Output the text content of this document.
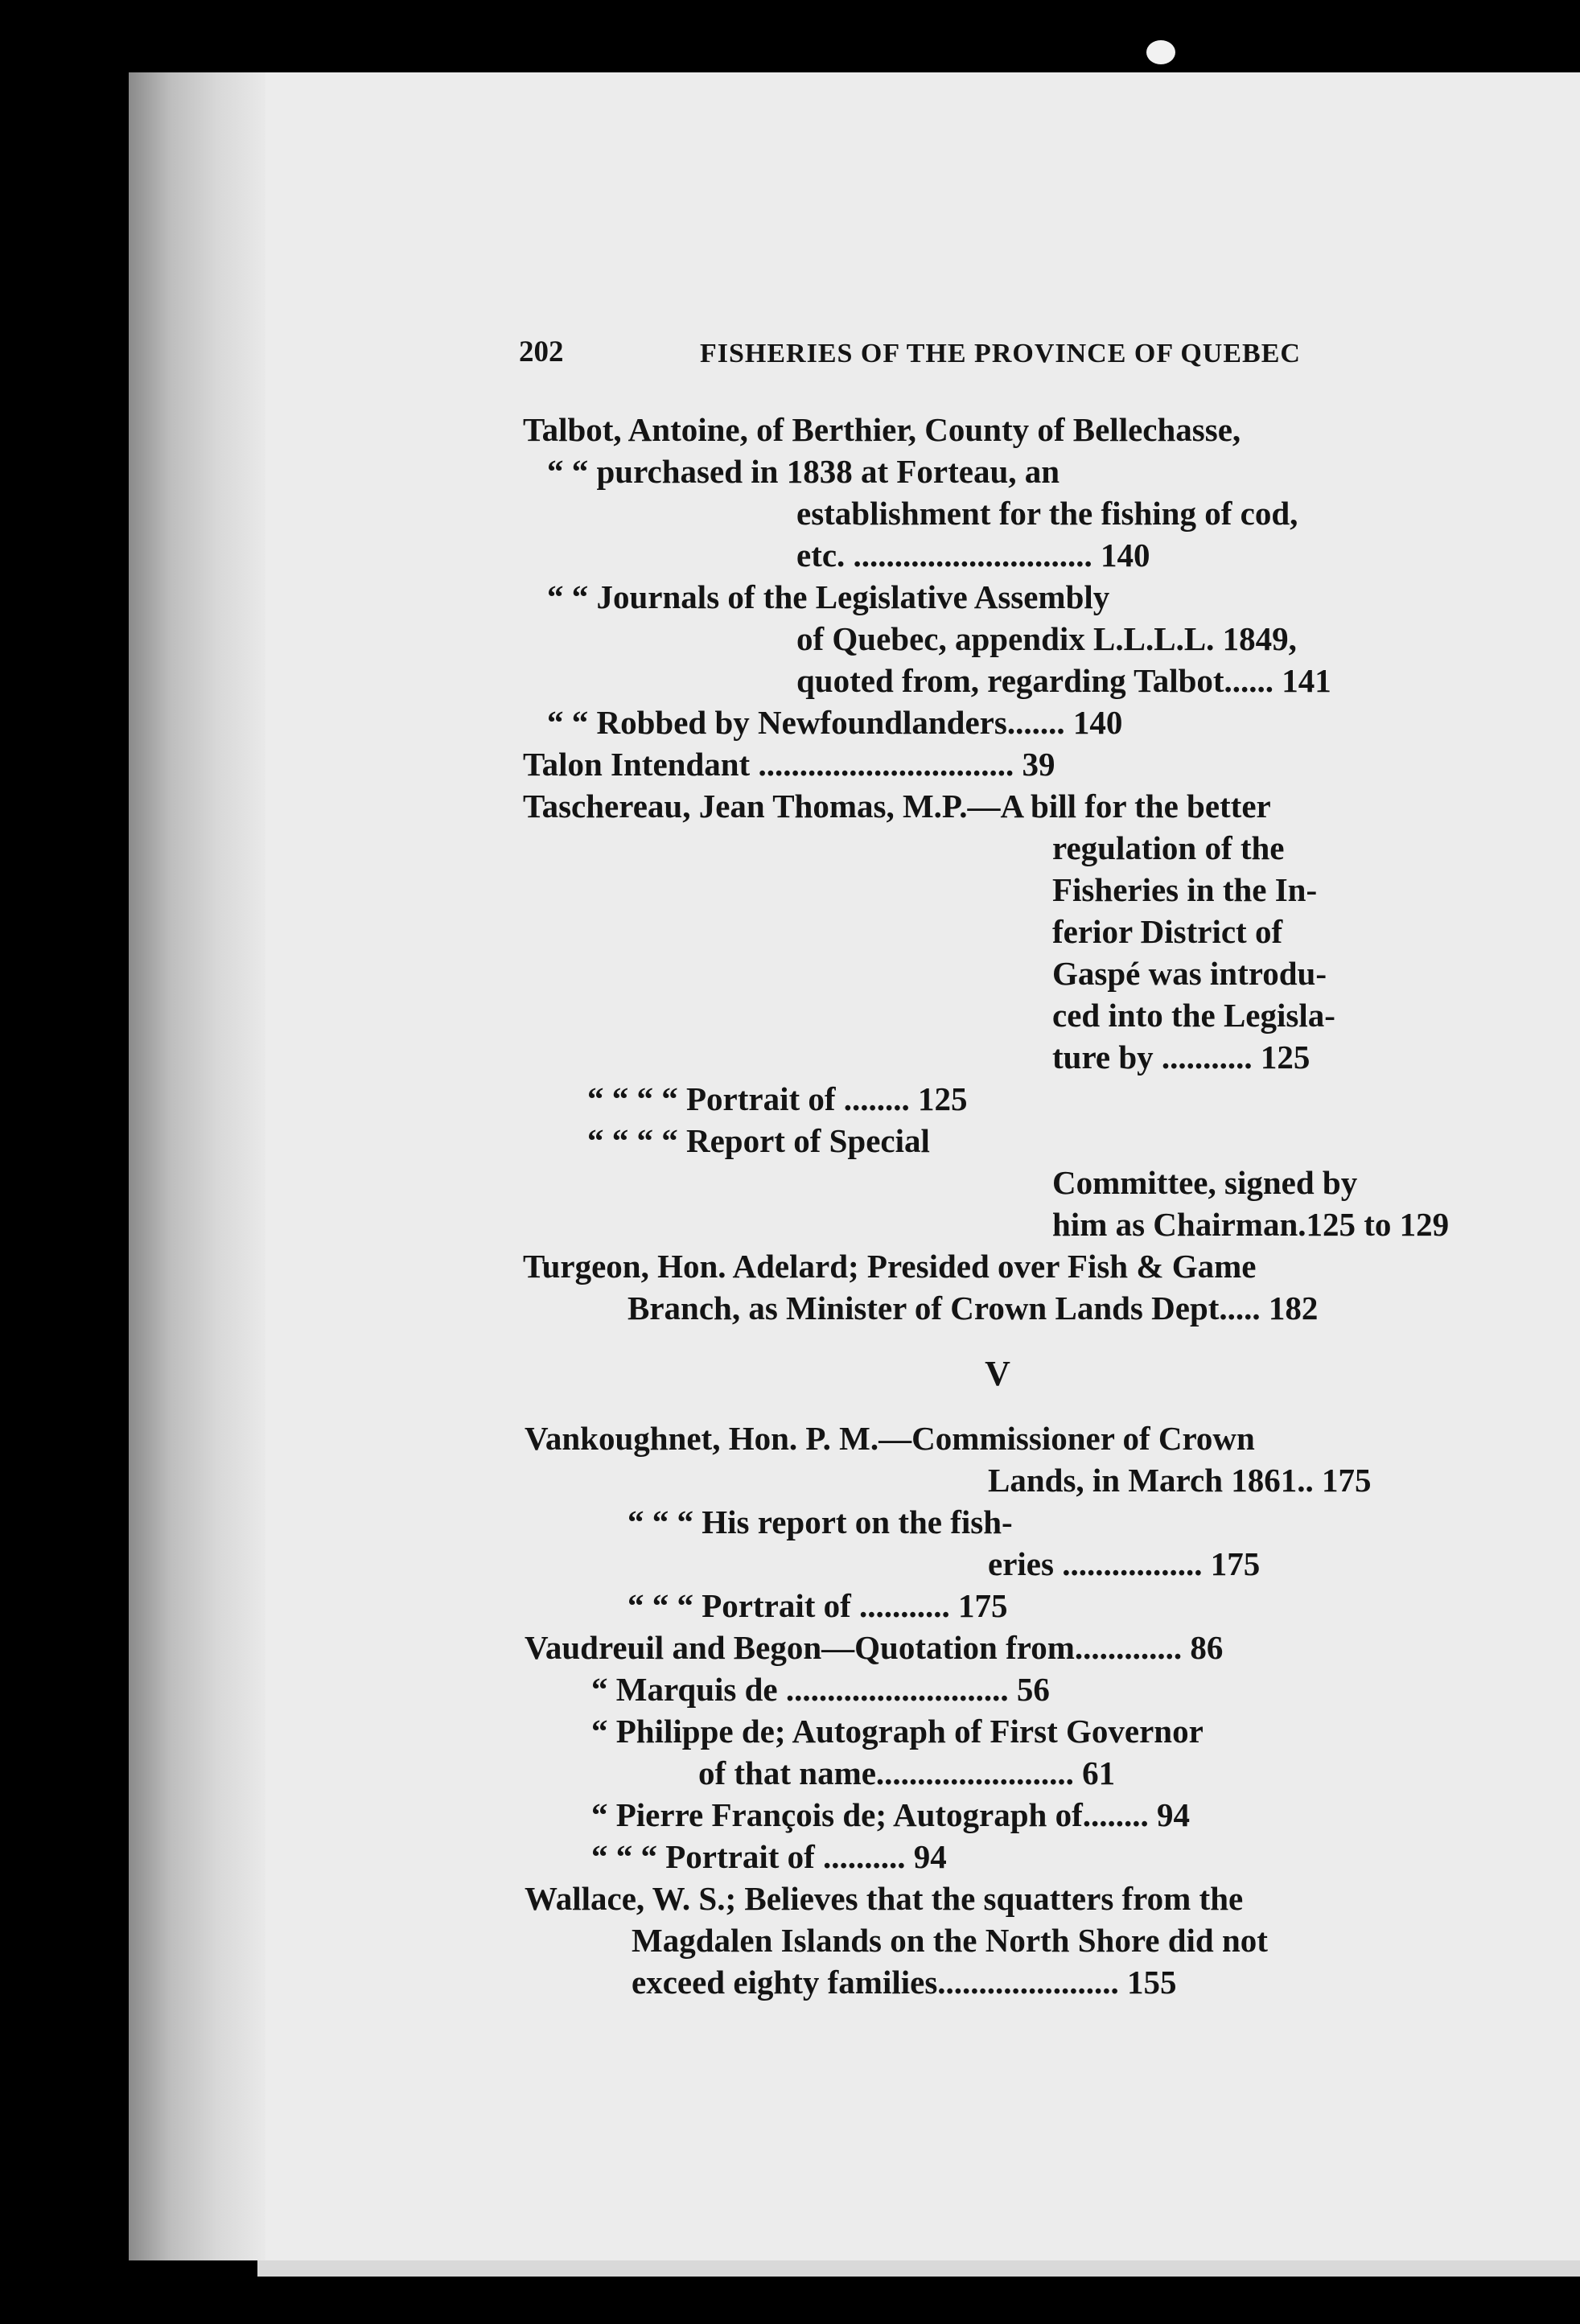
202	FISHERIES OF THE PROVINCE OF QUEBEC
Talbot, Antoine, of Berthier, County of Bellechasse,
“ “ purchased in 1838 at Forteau, an
establishment for the fishing of cod,
etc. ............................. 140
“ “ Journals of the Legislative Assembly
of Quebec, appendix L.L.L.L. 1849,
quoted from, regarding Talbot...... 141
“ “ Robbed by Newfoundlanders....... 140
Talon Intendant ............................... 39
Taschereau, Jean Thomas, M.P.—A bill for the better
regulation of the
Fisheries in the In-
ferior District of
Gaspé was introdu-
ced into the Legisla-
ture by ........... 125
“ “ “ “ Portrait of ........ 125
“ “ “ “ Report of Special
Committee, signed by
him as Chairman.125 to 129
Turgeon, Hon. Adelard; Presided over Fish & Game
Branch, as Minister of Crown Lands Dept..... 182
V
Vankoughnet, Hon. P. M.—Commissioner of Crown
Lands, in March 1861.. 175
“ “ “ His report on the fish-
eries ................. 175
“ “ “ Portrait of ........... 175
Vaudreuil and Begon—Quotation from............. 86
“ Marquis de ........................... 56
“ Philippe de; Autograph of First Governor
of that name........................ 61
“ Pierre François de; Autograph of........ 94
“ “ “ Portrait of .......... 94
Wallace, W. S.; Believes that the squatters from the
Magdalen Islands on the North Shore did not
exceed eighty families...................... 155
